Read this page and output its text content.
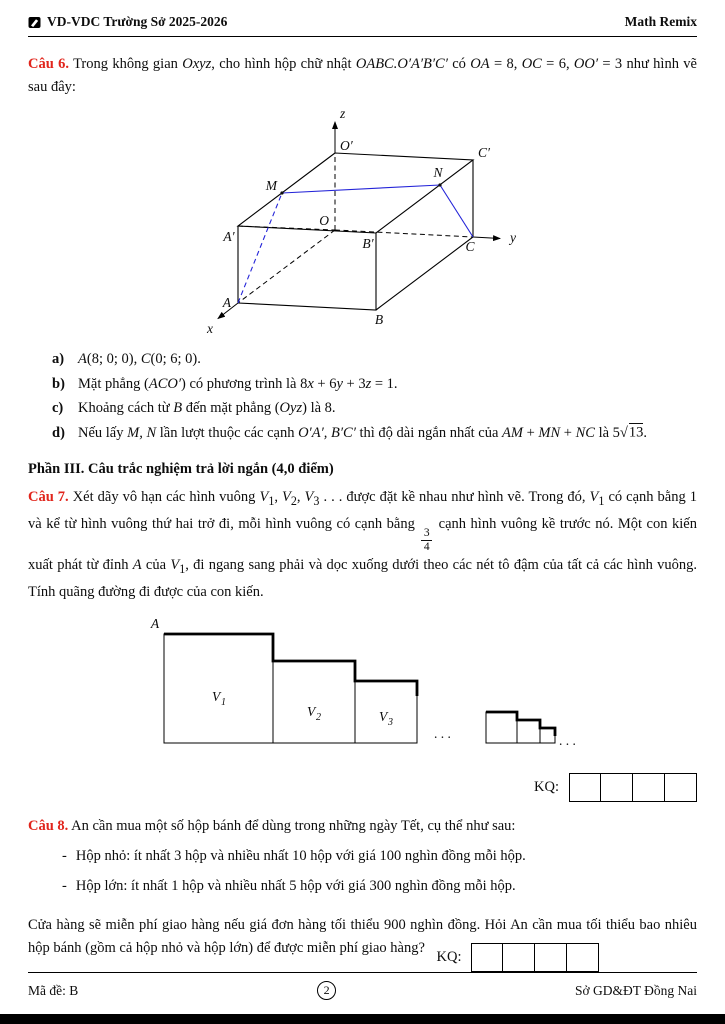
VD-VDC Trường Sở 2025-2026	Math Remix

Câu 6. Trong không gian Oxyz, cho hình hộp chữ nhật OABC.O′A′B′C′ có OA = 8, OC = 6, OO′ = 3 như hình vẽ sau đây:

z
O′	C′
N
M
A′
O
B′	C
y
A
B
x
a) A(8; 0; 0), C(0; 6; 0).
b) Mặt phẳng (ACO′) có phương trình là 8x + 6y + 3z = 1.
c)	Khoảng cách từ B đến mặt phẳng (Oyz) là 8.
d) Nếu lấy M, N lần lượt thuộc các cạnh O′A′, B′C′ thì độ dài ngắn nhất của AM + MN + NC là 5√13.
Phần III. Câu trắc nghiệm trả lời ngắn (4,0 điểm)

Câu 7. Xét dãy vô hạn các hình vuông $V_1$, $V_2$, $V_3$ . . . được đặt kề nhau như hình vẽ. Trong đó, $V_1$ có cạnh bằng 1 và kể từ hình vuông thứ hai trở đi, mỗi hình vuông có cạnh bằng
$\frac{3}{4}$
cạnh hình vuông kề trước nó. Một con kiến xuất phát từ đỉnh A của $V_1$, đi ngang sang phải và dọc xuống dưới theo các nét tô đậm của tất cả các hình vuông. Tính quãng đường đi được của con kiến.

A
V 1
V 2	V 3
. . .	. . .
KQ:

Câu 8. An cần mua một số hộp bánh để dùng trong những ngày Tết, cụ thể như sau:

- Hộp nhỏ: ít nhất 3 hộp và nhiều nhất 10 hộp với giá 100 nghìn đồng mỗi hộp.
- Hộp lớn: ít nhất 1 hộp và nhiều nhất 5 hộp với giá 300 nghìn đồng mỗi hộp.

Cửa hàng sẽ miễn phí giao hàng nếu giá đơn hàng tối thiểu 900 nghìn đồng. Hỏi An cần mua tối thiểu bao nhiêu hộp bánh (gồm cả hộp nhỏ và hộp lớn) để được miễn phí giao hàng?
KQ:

Mã đề: B	2	Sở GD&ĐT Đồng Nai
